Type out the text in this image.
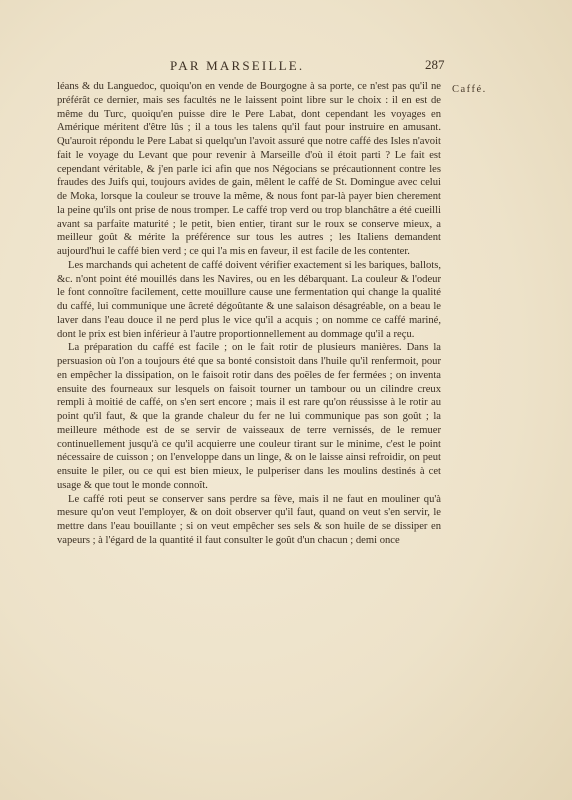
PAR MARSEILLE.	287
Caffé.

léans & du Languedoc, quoiqu'on en vende de Bourgogne à sa porte, ce n'est pas qu'il ne préférât ce dernier, mais ses facultés ne le laissent point libre sur le choix : il en est de même du Turc, quoiqu'en puisse dire le Pere Labat, dont cependant les voyages en Amérique méritent d'être lûs ; il a tous les talens qu'il faut pour instruire en amusant. Qu'auroit répondu le Pere Labat si quelqu'un l'avoit assuré que notre caffé des Isles n'avoit fait le voyage du Levant que pour revenir à Marseille d'où il étoit parti ? Le fait est cependant véritable, & j'en parle ici afin que nos Négocians se précautionnent contre les fraudes des Juifs qui, toujours avides de gain, mêlent le caffé de St. Domingue avec celui de Moka, lorsque la couleur se trouve la même, & nous font par-là payer bien cherement la peine qu'ils ont prise de nous tromper. Le caffé trop verd ou trop blanchâtre a été cueilli avant sa parfaite maturité ; le petit, bien entier, tirant sur le roux se conserve mieux, a meilleur goût & mérite la préférence sur tous les autres ; les Italiens demandent aujourd'hui le caffé bien verd ; ce qui l'a mis en faveur, il est facile de les contenter.

Les marchands qui achetent de caffé doivent vérifier exactement si les bariques, ballots, &c. n'ont point été mouillés dans les Navires, ou en les débarquant. La couleur & l'odeur le font connoître facilement, cette mouillure cause une fermentation qui change la qualité du caffé, lui communique une âcreté dégoûtante & une salaison désagréable, on a beau le laver dans l'eau douce il ne perd plus le vice qu'il a acquis ; on nomme ce caffé mariné, dont le prix est bien inférieur à l'autre proportionnellement au dommage qu'il a reçu.

La préparation du caffé est facile ; on le fait rotir de plusieurs manières. Dans la persuasion où l'on a toujours été que sa bonté consistoit dans l'huile qu'il renfermoit, pour en empêcher la dissipation, on le faisoit rotir dans des poëles de fer fermées ; on inventa ensuite des fourneaux sur lesquels on faisoit tourner un tambour ou un cilindre creux rempli à moitié de caffé, on s'en sert encore ; mais il est rare qu'on réussisse à le rotir au point qu'il faut, & que la grande chaleur du fer ne lui communique pas son goût ; la meilleure méthode est de se servir de vaisseaux de terre vernissés, de le remuer continuellement jusqu'à ce qu'il acquierre une couleur tirant sur le minime, c'est le point nécessaire de cuisson ; on l'enveloppe dans un linge, & on le laisse ainsi refroidir, on peut ensuite le piler, ou ce qui est bien mieux, le pulperiser dans les moulins destinés à cet usage & que tout le monde connoît.

Le caffé roti peut se conserver sans perdre sa fève, mais il ne faut en mouliner qu'à mesure qu'on veut l'employer, & on doit observer qu'il faut, quand on veut s'en servir, le mettre dans l'eau bouillante ; si on veut empêcher ses sels & son huile de se dissiper en vapeurs ; à l'égard de la quantité il faut consulter le goût d'un chacun ; demi once
